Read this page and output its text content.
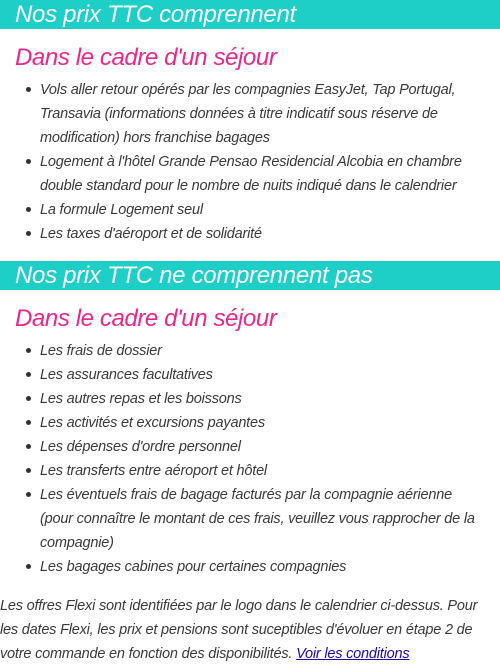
Nos prix TTC comprennent
Dans le cadre d'un séjour
Vols aller retour opérés par les compagnies EasyJet, Tap Portugal, Transavia (informations données à titre indicatif sous réserve de modification) hors franchise bagages
Logement à l'hôtel Grande Pensao Residencial Alcobia en chambre double standard pour le nombre de nuits indiqué dans le calendrier
La formule Logement seul
Les taxes d'aéroport et de solidarité
Nos prix TTC ne comprennent pas
Dans le cadre d'un séjour
Les frais de dossier
Les assurances facultatives
Les autres repas et les boissons
Les activités et excursions payantes
Les dépenses d'ordre personnel
Les transferts entre aéroport et hôtel
Les éventuels frais de bagage facturés par la compagnie aérienne (pour connaître le montant de ces frais, veuillez vous rapprocher de la compagnie)
Les bagages cabines pour certaines compagnies

Les offres Flexi sont identifiées par le logo dans le calendrier ci-dessus. Pour les dates Flexi, les prix et pensions sont suceptibles d'évoluer en étape 2 de votre commande en fonction des disponibilités. Voir les conditions
